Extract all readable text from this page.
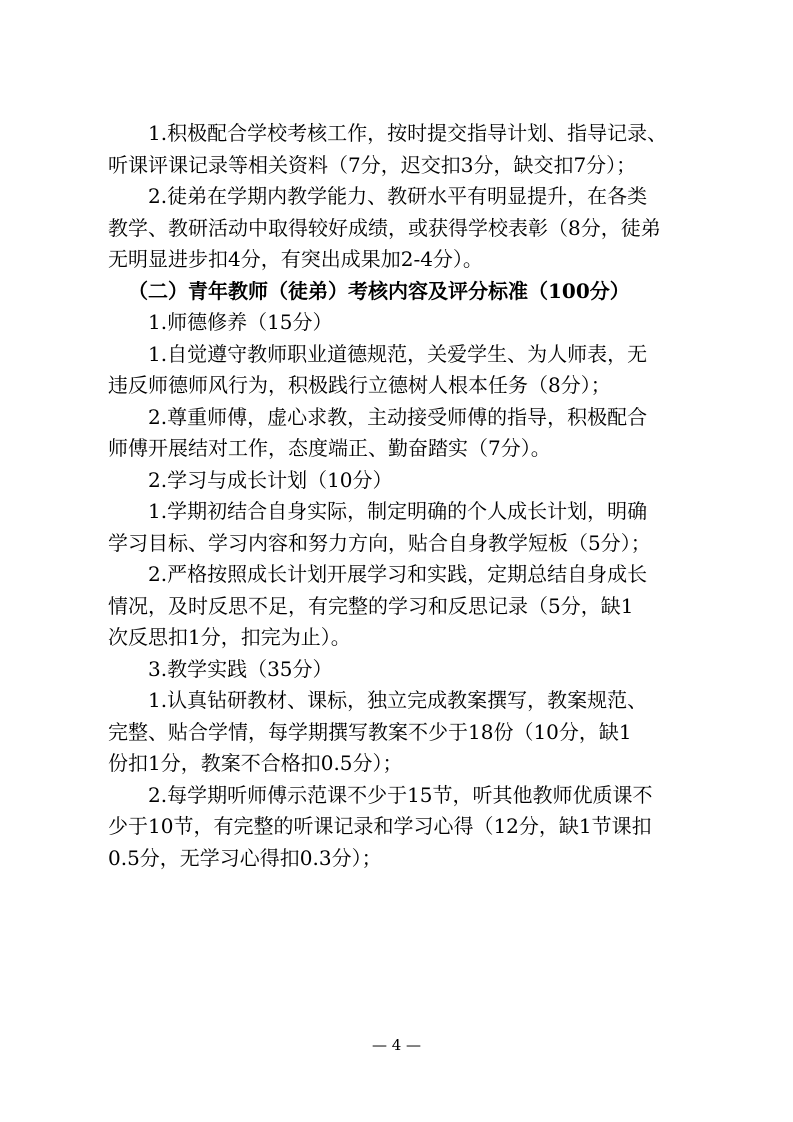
1.积极配合学校考核工作，按时提交指导计划、指导记录、
听课评课记录等相关资料（7分，迟交扣3分，缺交扣7分）；
2.徒弟在学期内教学能力、教研水平有明显提升，在各类
教学、教研活动中取得较好成绩，或获得学校表彰（8分，徒弟
无明显进步扣4分，有突出成果加2-4分）。
（二）青年教师（徒弟）考核内容及评分标准（100分）
1.师德修养（15分）
1.自觉遵守教师职业道德规范，关爱学生、为人师表，无
违反师德师风行为，积极践行立德树人根本任务（8分）；
2.尊重师傅，虚心求教，主动接受师傅的指导，积极配合
师傅开展结对工作，态度端正、勤奋踏实（7分）。
2.学习与成长计划（10分）
1.学期初结合自身实际，制定明确的个人成长计划，明确
学习目标、学习内容和努力方向，贴合自身教学短板（5分）；
2.严格按照成长计划开展学习和实践，定期总结自身成长
情况，及时反思不足，有完整的学习和反思记录（5分，缺1
次反思扣1分，扣完为止）。
3.教学实践（35分）
1.认真钻研教材、课标，独立完成教案撰写，教案规范、
完整、贴合学情，每学期撰写教案不少于18份（10分，缺1
份扣1分，教案不合格扣0.5分）；
2.每学期听师傅示范课不少于15节，听其他教师优质课不
少于10节，有完整的听课记录和学习心得（12分，缺1节课扣
0.5分，无学习心得扣0.3分）；
— 4 —
